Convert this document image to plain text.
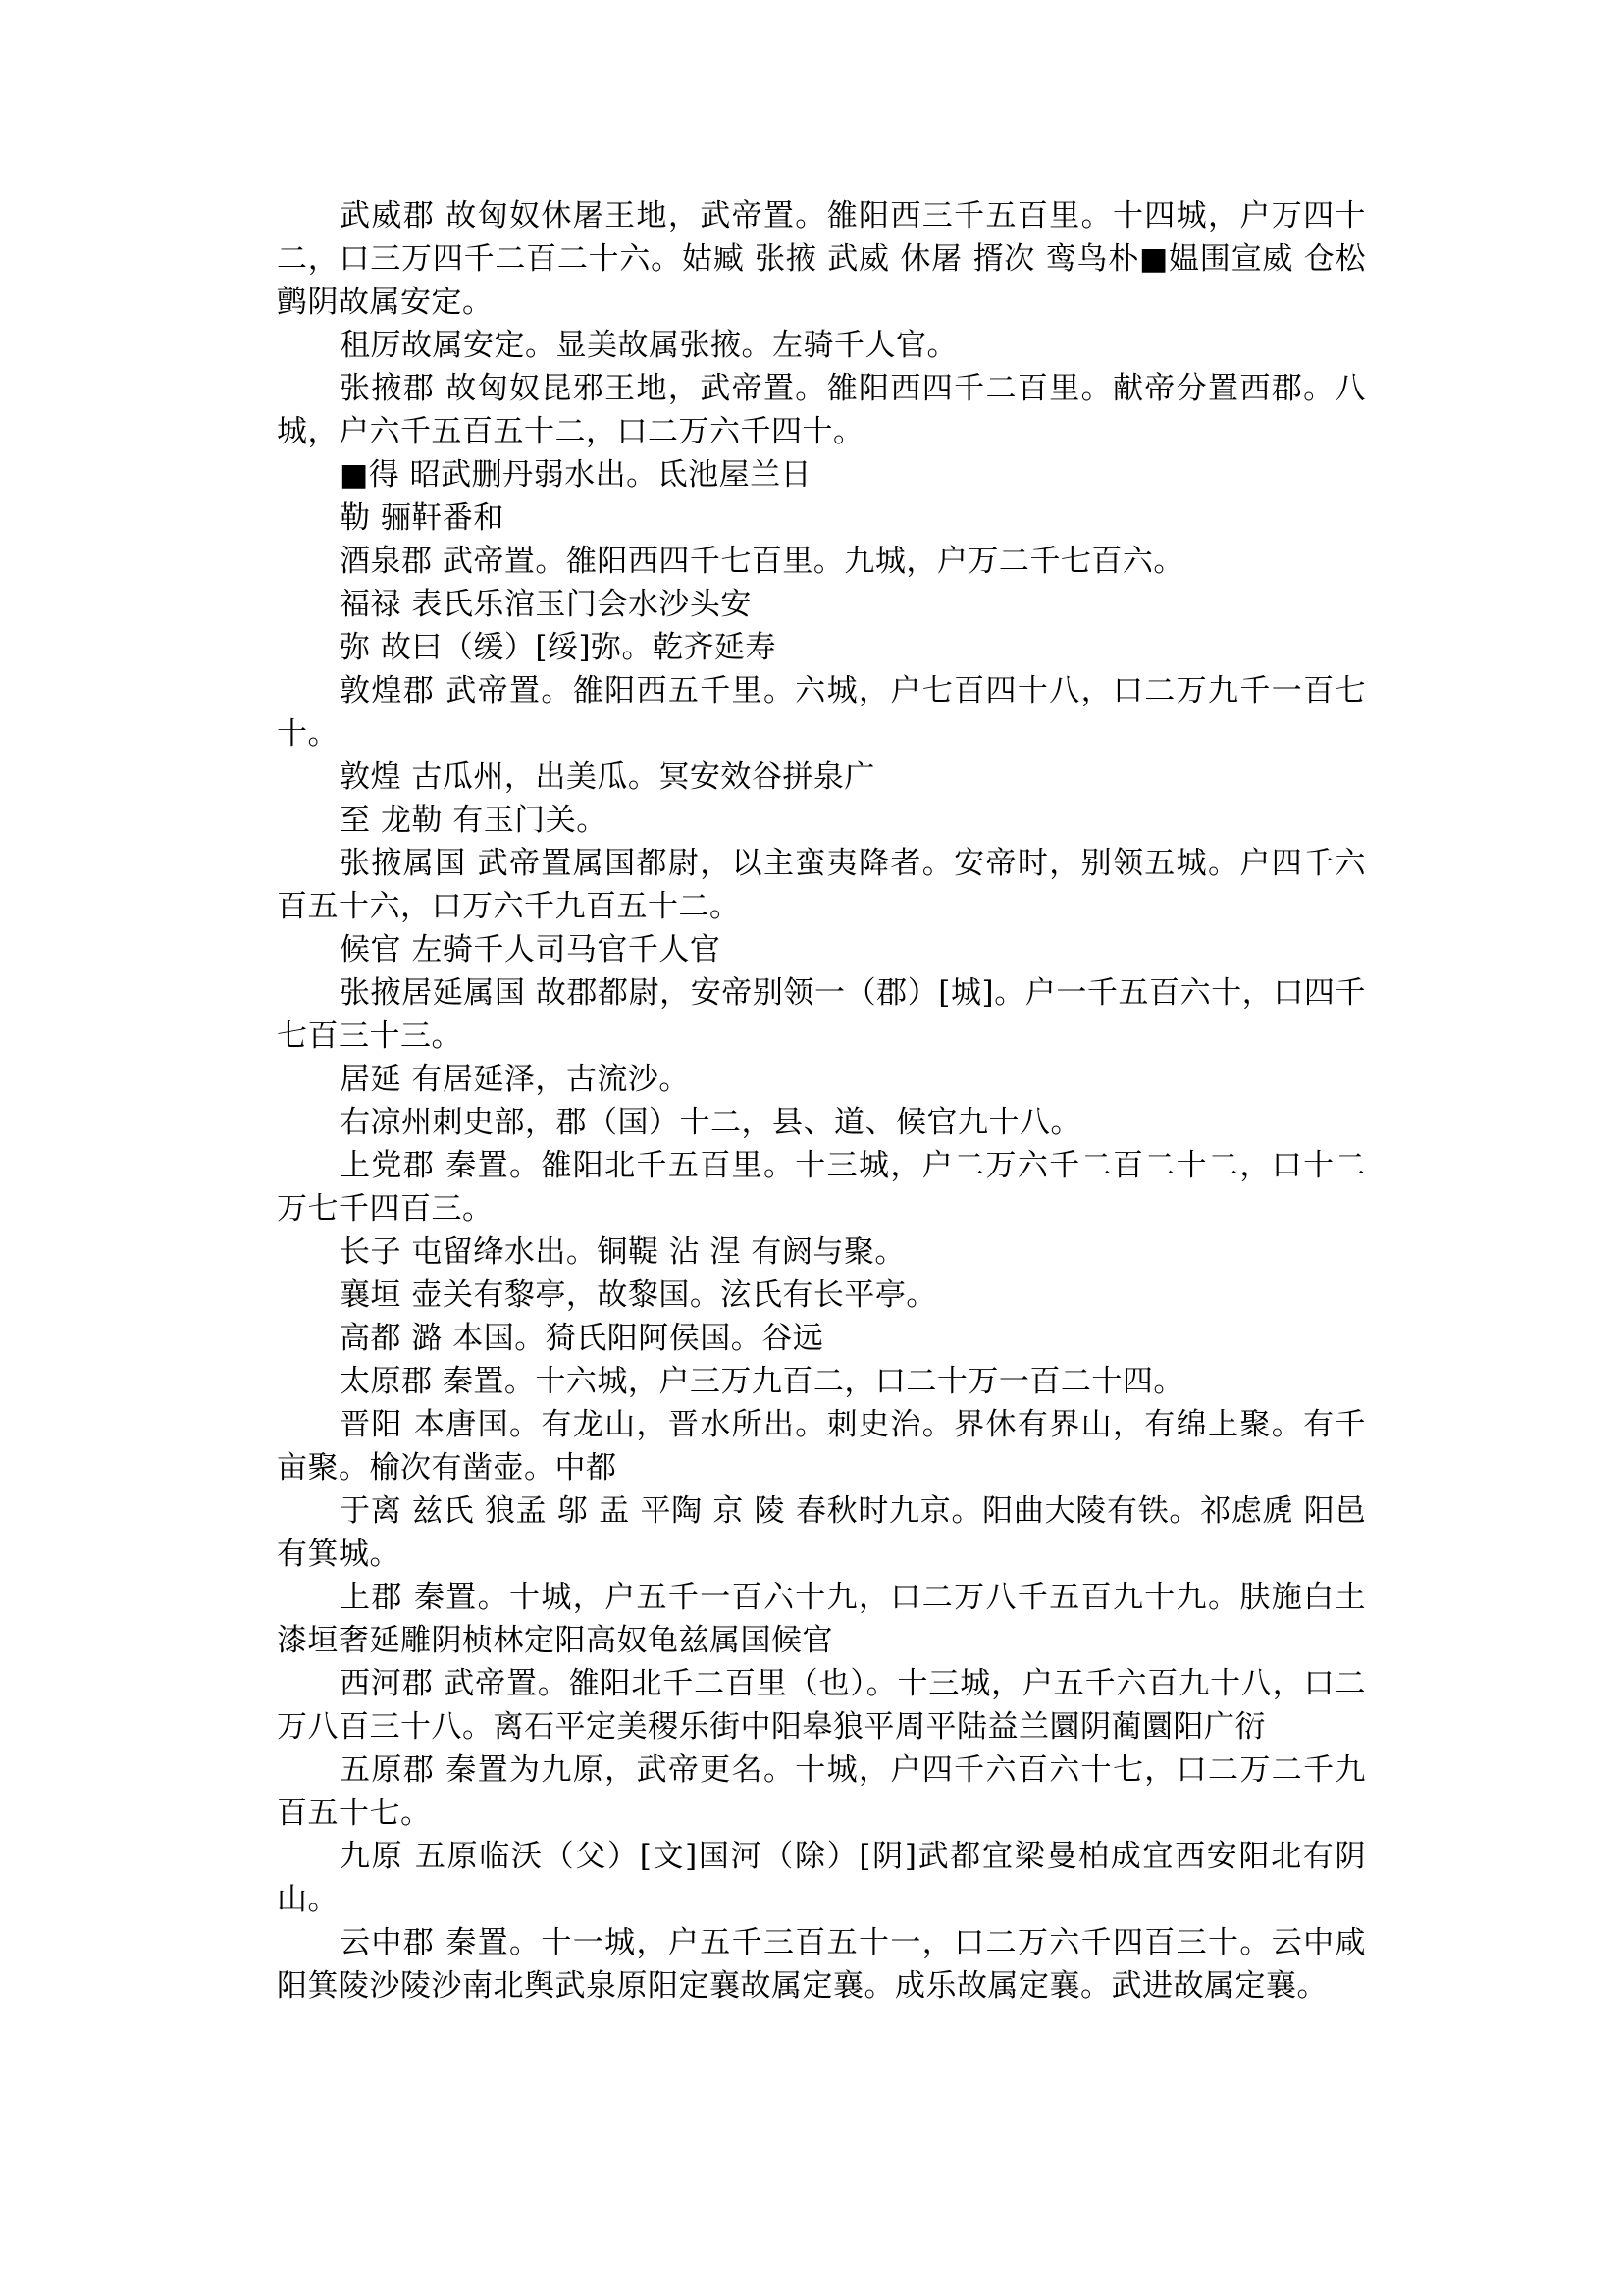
武威郡 故匈奴休屠王地，武帝置。雒阳西三千五百里。十四城，户万四十二，口三万四千二百二十六。姑臧 张掖 武威 休屠 揟次 鸾鸟朴■媪围宣威 仓松 鹯阴故属安定。

租厉故属安定。显美故属张掖。左骑千人官。

张掖郡 故匈奴昆邪王地，武帝置。雒阳西四千二百里。献帝分置西郡。八城，户六千五百五十二，口二万六千四十。

■得 昭武删丹弱水出。氐池屋兰日

勒 骊靬番和

酒泉郡 武帝置。雒阳西四千七百里。九城，户万二千七百六。

福禄 表氏乐涫玉门会水沙头安

弥 故曰（缓）[绥]弥。乾齐延寿

敦煌郡 武帝置。雒阳西五千里。六城，户七百四十八，口二万九千一百七十。

敦煌 古瓜州，出美瓜。冥安效谷拼泉广

至 龙勒 有玉门关。

张掖属国 武帝置属国都尉，以主蛮夷降者。安帝时，别领五城。户四千六百五十六，口万六千九百五十二。

候官 左骑千人司马官千人官

张掖居延属国 故郡都尉，安帝别领一（郡）[城]。户一千五百六十，口四千七百三十三。

居延 有居延泽，古流沙。

右凉州刺史部，郡（国）十二，县、道、候官九十八。

上党郡 秦置。雒阳北千五百里。十三城，户二万六千二百二十二，口十二万七千四百三。

长子 屯留绛水出。铜鞮 沾 涅 有阏与聚。

襄垣 壶关有黎亭，故黎国。泫氏有长平亭。

高都 潞 本国。猗氏阳阿侯国。谷远

太原郡 秦置。十六城，户三万九百二，口二十万一百二十四。

晋阳 本唐国。有龙山，晋水所出。刺史治。界休有界山，有绵上聚。有千亩聚。榆次有凿壶。中都

于离 兹氏 狼孟 邬 盂 平陶 京 陵 春秋时九京。阳曲大陵有铁。祁虑虒 阳邑 有箕城。

上郡 秦置。十城，户五千一百六十九，口二万八千五百九十九。肤施白土漆垣奢延雕阴桢林定阳高奴龟兹属国候官

西河郡 武帝置。雒阳北千二百里（也）。十三城，户五千六百九十八，口二万八百三十八。离石平定美稷乐街中阳皋狼平周平陆益兰圜阴蔺圜阳广衍

五原郡 秦置为九原，武帝更名。十城，户四千六百六十七，口二万二千九百五十七。

九原 五原临沃（父）[文]国河（除）[阴]武都宜梁曼柏成宜西安阳北有阴山。

云中郡 秦置。十一城，户五千三百五十一，口二万六千四百三十。云中咸阳箕陵沙陵沙南北舆武泉原阳定襄故属定襄。成乐故属定襄。武进故属定襄。
